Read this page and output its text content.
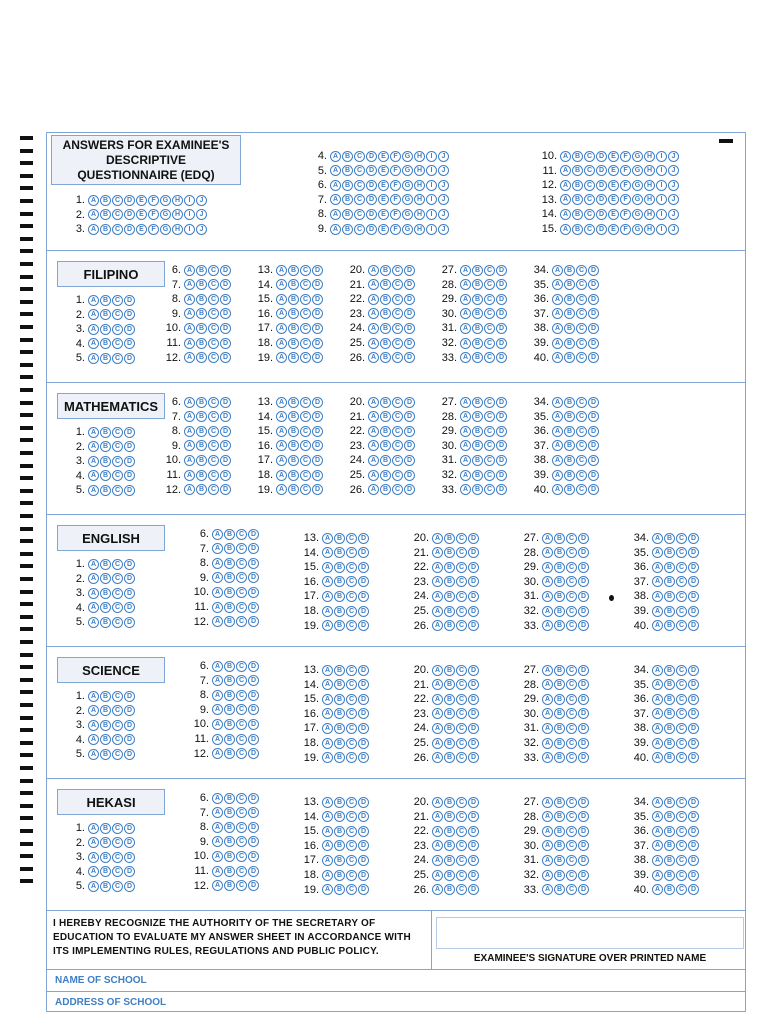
ANSWERS FOR EXAMINEE'S
DESCRIPTIVE
QUESTIONNAIRE (EDQ)
1. A B C D	E	F	G H	I	J
2. A B C D	E	F	G H	I	J
3. A B C D	E	F	G H	I	J
4. A B C D	E	F	G H	I	J
5. A B C D	E	F	G H	I	J
6. A B C D	E	F	G H	I	J
7. A B C D	E	F	G H	I	J
8. A B C D	E	F	G H	I	J
9. A B C D	E	F	G H	I	J
10. A B C D	E	F	G H	I	J
11. A B C D	E	F	G H	I	J
12. A B C D	E	F	G H	I	J
13. A B C D	E	F	G H	I	J
14. A B C D	E	F	G H	I	J
15. A B C D	E	F	G H	I	J
FILIPINO
1. A B C D
2. A B C D
3. A B C D
4. A B C D
5. A B C D
6. A B C D
7. A B C D
8. A B C D
9. A B C D
10. A B C D
11. A B C D
12. A B C D
13. A B C D
14. A B C D
15. A B C D
16. A B C D
17. A B C D
18. A B C D
19. A B C D
20. A B C D
21. A B C D
22. A B C D
23. A B C D
24. A B C D
25. A B C D
26. A B C D
27. A B C D
28. A B C D
29. A B C D
30. A B C D
31. A B C D
32. A B C D
33. A B C D
34. A B C D
35. A B C D
36. A B C D
37. A B C D
38. A B C D
39. A B C D
40. A B C D
MATHEMATICS
1. A B C D
2. A B C D
3. A B C D
4. A B C D
5. A B C D
6. A B C D
7. A B C D
8. A B C D
9. A B C D
10. A B C D
11. A B C D
12. A B C D
13. A B C D
14. A B C D
15. A B C D
16. A B C D
17. A B C D
18. A B C D
19. A B C D
20. A B C D
21. A B C D
22. A B C D
23. A B C D
24. A B C D
25. A B C D
26. A B C D
27. A B C D
28. A B C D
29. A B C D
30. A B C D
31. A B C D
32. A B C D
33. A B C D
34. A B C D
35. A B C D
36. A B C D
37. A B C D
38. A B C D
39. A B C D
40. A B C D
ENGLISH
1. A B C D
2. A B C D
3. A B C D
4. A B C D
5. A B C D
6. A B C D
7. A B C D
8. A B C D
9. A B C D
10. A B C D
11. A B C D
12. A B C D
13. A B C D
14. A B C D
15. A B C D
16. A B C D
17. A B C D
18. A B C D
19. A B C D
20. A B C D
21. A B C D
22. A B C D
23. A B C D
24. A B C D
25. A B C D
26. A B C D
27. A B C D
28. A B C D
29. A B C D
30. A B C D
31. A B C D
32. A B C D
33. A B C D
34. A B C D
35. A B C D
36. A B C D
37. A B C D
38. A B C D
39. A B C D
40. A B C D
SCIENCE
1. A B C D
2. A B C D
3. A B C D
4. A B C D
5. A B C D
6. A B C D
7. A B C D
8. A B C D
9. A B C D
10. A B C D
11. A B C D
12. A B C D
13. A B C D
14. A B C D
15. A B C D
16. A B C D
17. A B C D
18. A B C D
19. A B C D
20. A B C D
21. A B C D
22. A B C D
23. A B C D
24. A B C D
25. A B C D
26. A B C D
27. A B C D
28. A B C D
29. A B C D
30. A B C D
31. A B C D
32. A B C D
33. A B C D
34. A B C D
35. A B C D
36. A B C D
37. A B C D
38. A B C D
39. A B C D
40. A B C D
HEKASI
1. A B C D
2. A B C D
3. A B C D
4. A B C D
5. A B C D
6. A B C D
7. A B C D
8. A B C D
9. A B C D
10. A B C D
11. A B C D
12. A B C D
13. A B C D
14. A B C D
15. A B C D
16. A B C D
17. A B C D
18. A B C D
19. A B C D
20. A B C D
21. A B C D
22. A B C D
23. A B C D
24. A B C D
25. A B C D
26. A B C D
27. A B C D
28. A B C D
29. A B C D
30. A B C D
31. A B C D
32. A B C D
33. A B C D
34. A B C D
35. A B C D
36. A B C D
37. A B C D
38. A B C D
39. A B C D
40. A B C D
I HEREBY RECOGNIZE THE AUTHORITY OF THE SECRETARY OF EDUCATION TO EVALUATE MY ANSWER SHEET IN ACCORDANCE WITH ITS IMPLEMENTING RULES, REGULATIONS AND PUBLIC POLICY.
EXAMINEE'S SIGNATURE OVER PRINTED NAME
NAME OF SCHOOL
ADDRESS OF SCHOOL
